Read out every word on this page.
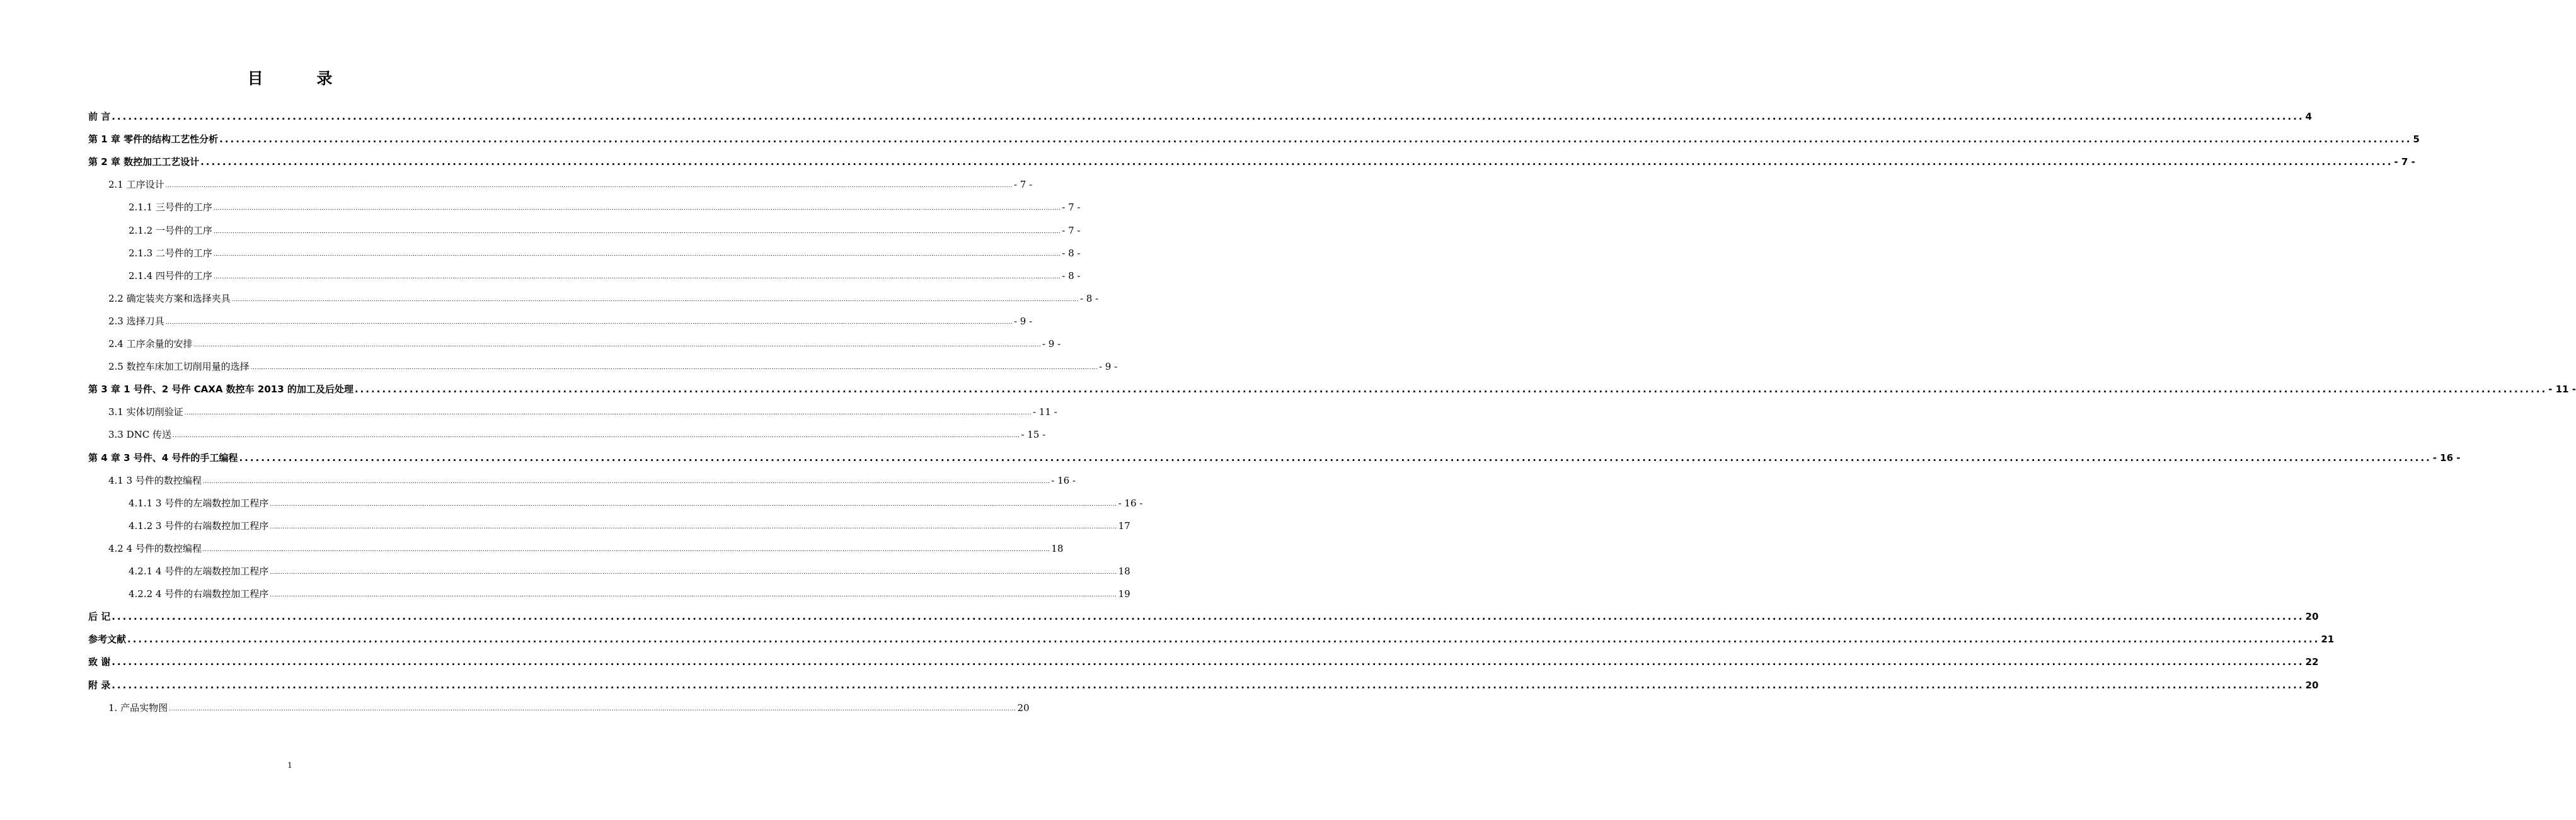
目 录
前 言 ................................................................................................................................................................................................................................................................................................................................................................................................................ 4
第 1 章 零件的结构工艺性分析 ................................................................................................................................................................................................................................................................................................................................................................................................................ 5
第 2 章 数控加工工艺设计 ................................................................................................................................................................................................................................................................................................................................................................................................................ - 7 -
2.1 工序设计 ................................................................................................................................................................................................................................................................................................................................................................................................................ - 7 -
2.1.1 三号件的工序 ................................................................................................................................................................................................................................................................................................................................................................................................................ - 7 -
2.1.2 一号件的工序 ................................................................................................................................................................................................................................................................................................................................................................................................................ - 7 -
2.1.3 二号件的工序 ................................................................................................................................................................................................................................................................................................................................................................................................................ - 8 -
2.1.4 四号件的工序 ................................................................................................................................................................................................................................................................................................................................................................................................................ - 8 -
2.2 确定装夹方案和选择夹具 ................................................................................................................................................................................................................................................................................................................................................................................................................ - 8 -
2.3 选择刀具 ................................................................................................................................................................................................................................................................................................................................................................................................................ - 9 -
2.4 工序余量的安排 ................................................................................................................................................................................................................................................................................................................................................................................................................ - 9 -
2.5 数控车床加工切削用量的选择 ................................................................................................................................................................................................................................................................................................................................................................................................................ - 9 -
第 3 章 1 号件、2 号件 CAXA 数控车 2013 的加工及后处理 ................................................................................................................................................................................................................................................................................................................................................................................................................ - 11 -
3.1 实体切削验证 ................................................................................................................................................................................................................................................................................................................................................................................................................ - 11 -
3.3 DNC 传送 ................................................................................................................................................................................................................................................................................................................................................................................................................ - 15 -
第 4 章 3 号件、4 号件的手工编程 ................................................................................................................................................................................................................................................................................................................................................................................................................ - 16 -
4.1 3 号件的数控编程 ................................................................................................................................................................................................................................................................................................................................................................................................................ - 16 -
4.1.1 3 号件的左端数控加工程序 ................................................................................................................................................................................................................................................................................................................................................................................................................ - 16 -
4.1.2 3 号件的右端数控加工程序 ................................................................................................................................................................................................................................................................................................................................................................................................................ 17
4.2 4 号件的数控编程 ................................................................................................................................................................................................................................................................................................................................................................................................................ 18
4.2.1 4 号件的左端数控加工程序 ................................................................................................................................................................................................................................................................................................................................................................................................................ 18
4.2.2 4 号件的右端数控加工程序 ................................................................................................................................................................................................................................................................................................................................................................................................................ 19
后 记 ................................................................................................................................................................................................................................................................................................................................................................................................................ 20
参考文献 ................................................................................................................................................................................................................................................................................................................................................................................................................ 21
致 谢 ................................................................................................................................................................................................................................................................................................................................................................................................................ 22
附 录 ................................................................................................................................................................................................................................................................................................................................................................................................................ 20
1. 产品实物图 ................................................................................................................................................................................................................................................................................................................................................................................................................ 20
1
